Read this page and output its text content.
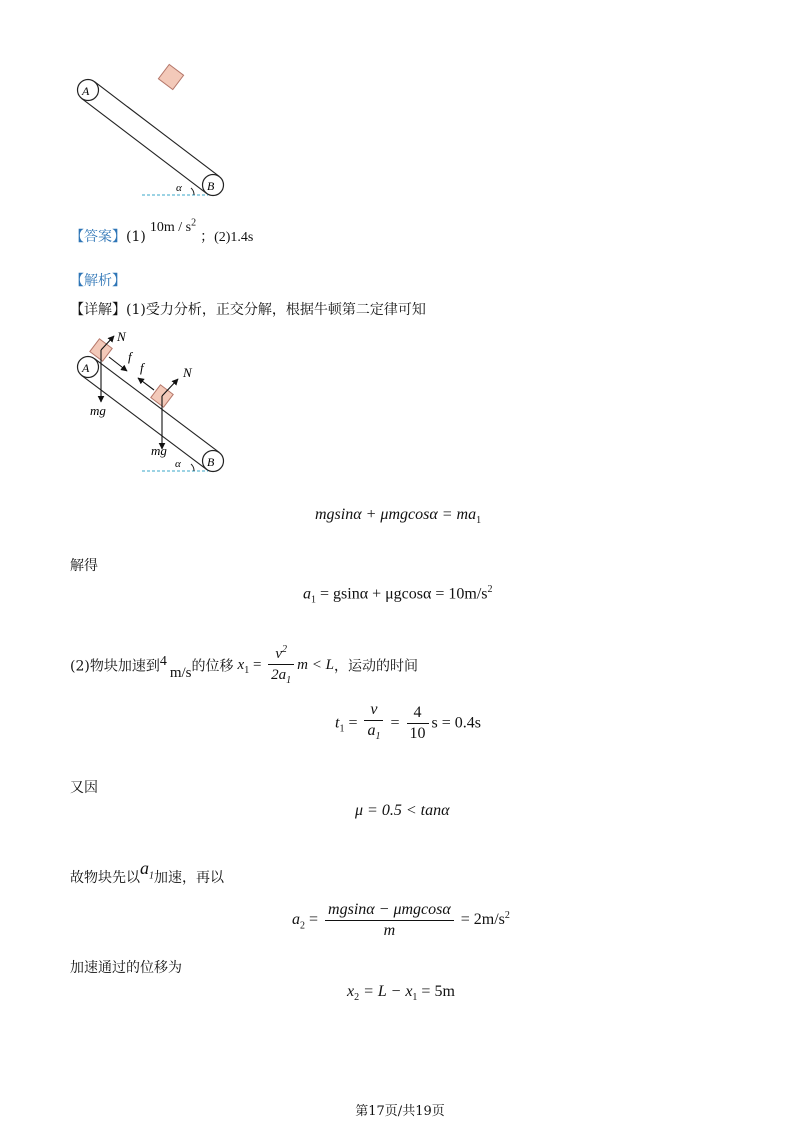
A
B
α
【答案】$(1)10m / s^2$；(2)1.4s
【解析】
【详解】(1)受力分析，正交分解，根据牛顿第二定律可知
A
B
α
N
f
N
f
mg
mg
$mgsin\alpha + \mu mgcos\alpha = ma_1$
解得
$a_1 = gsin\alpha + \mu gcos\alpha = 10m/s^2$
(2)物块加速到4m/s的位移 $x_1 = \frac{v^2}{2a_1}$ m < L，运动的时间
$t_1 = \frac{v}{a_1} = \frac{4}{10}$ s = 0.4s
又因
μ = 0.5 < tanα
故物块先以$a_1$加速，再以
$a_2 = \frac{\text{mgsinα − μmgcosα}}{m} = 2m/s^2$
加速通过的位移为
$x_2 = L - x_1 = 5m$
第17页/共19页
